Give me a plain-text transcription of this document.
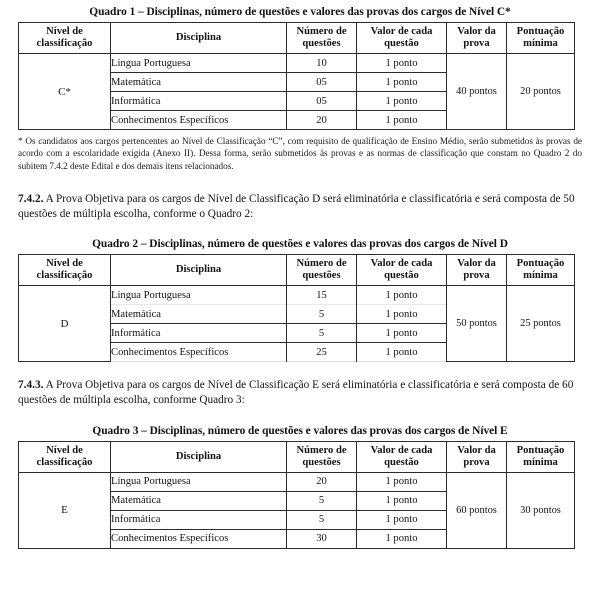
Quadro 1 – Disciplinas, número de questões e valores das provas dos cargos de Nível C*
Nível de classificação	Disciplina	Número de questões	Valor de cada questão	Valor da prova	Pontuação mínima
C*	Língua Portuguesa	10	1 ponto	40 pontos	20 pontos
	Matemática	05	1 ponto		
	Informática	05	1 ponto		
	Conhecimentos Específicos	20	1 ponto		
* Os candidatos aos cargos pertencentes ao Nível de Classificação “C”, com requisito de qualificação de Ensino Médio, serão submetidos às provas de acordo com a escolaridade exigida (Anexo II). Dessa forma, serão submetidos às provas e as normas de classificação que constam no Quadro 2 do subitem 7.4.2 deste Edital e dos demais itens relacionados.
7.4.2. A Prova Objetiva para os cargos de Nível de Classificação D será eliminatória e classificatória e será composta de 50 questões de múltipla escolha, conforme o Quadro 2:
Quadro 2 – Disciplinas, número de questões e valores das provas dos cargos de Nível D
Nível de classificação	Disciplina	Número de questões	Valor de cada questão	Valor da prova	Pontuação mínima
D	Língua Portuguesa	15	1 ponto	50 pontos	25 pontos
	Matemática	5	1 ponto		
	Informática	5	1 ponto		
	Conhecimentos Específicos	25	1 ponto		
7.4.3. A Prova Objetiva para os cargos de Nível de Classificação E será eliminatória e classificatória e será composta de 60 questões de múltipla escolha, conforme Quadro 3:
Quadro 3 – Disciplinas, número de questões e valores das provas dos cargos de Nível E
Nível de classificação	Disciplina	Número de questões	Valor de cada questão	Valor da prova	Pontuação mínima
E	Língua Portuguesa	20	1 ponto	60 pontos	30 pontos
	Matemática	5	1 ponto		
	Informática	5	1 ponto		
	Conhecimentos Específicos	30	1 ponto		
